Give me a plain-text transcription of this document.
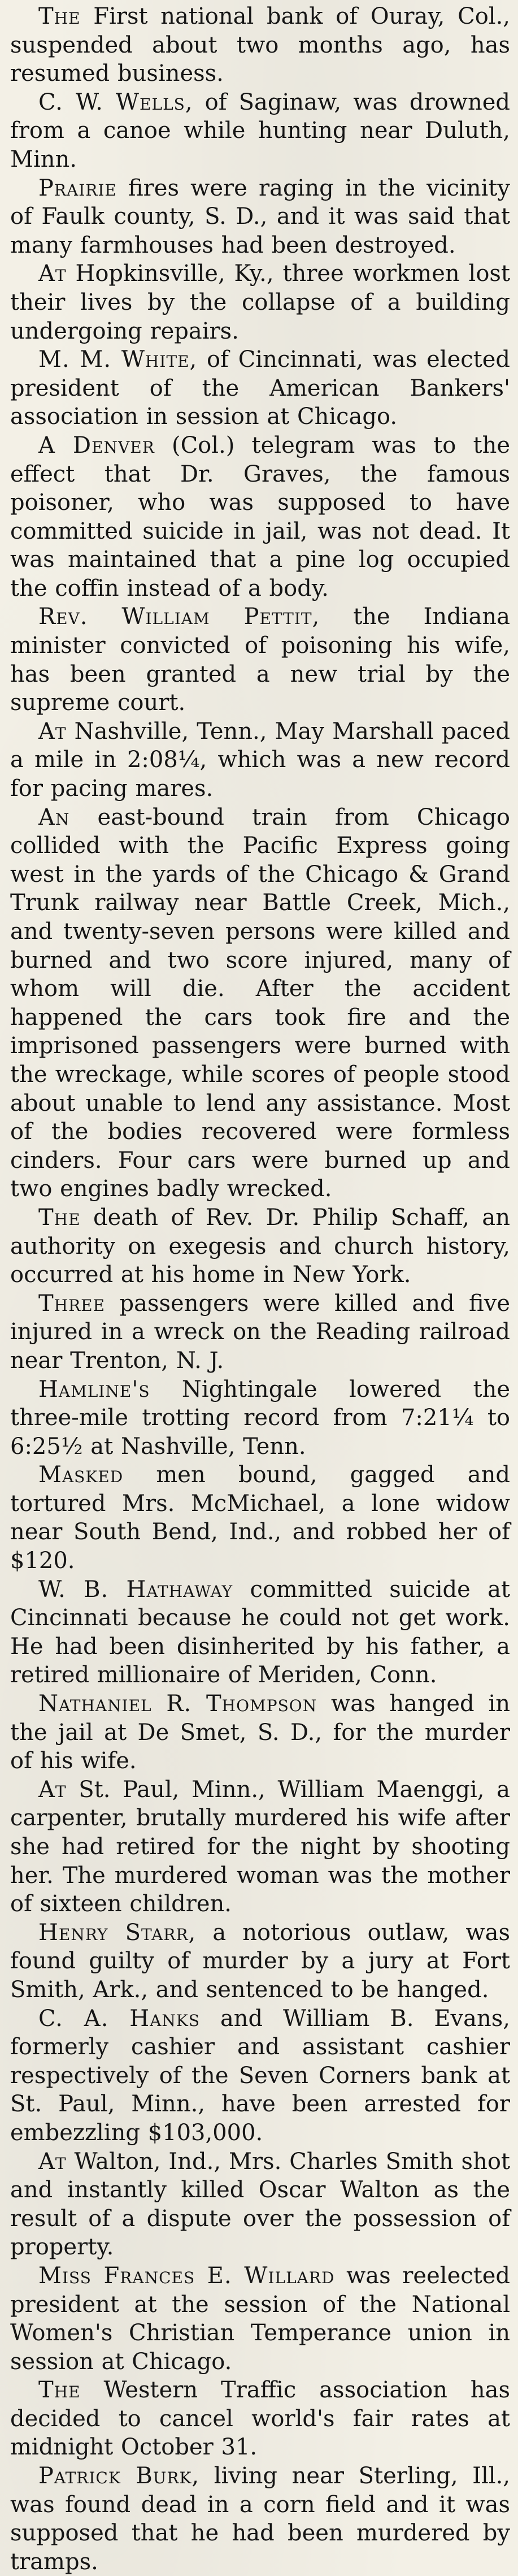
The First national bank of Ouray, Col., suspended about two months ago, has resumed business.

C. W. Wells, of Saginaw, was drowned from a canoe while hunting near Duluth, Minn.

Prairie fires were raging in the vicinity of Faulk county, S. D., and it was said that many farmhouses had been destroyed.

At Hopkinsville, Ky., three workmen lost their lives by the collapse of a building undergoing repairs.

M. M. White, of Cincinnati, was elected president of the American Bankers' association in session at Chicago.

A Denver (Col.) telegram was to the effect that Dr. Graves, the famous poisoner, who was supposed to have committed suicide in jail, was not dead. It was maintained that a pine log occupied the coffin instead of a body.

Rev. William Pettit, the Indiana minister convicted of poisoning his wife, has been granted a new trial by the supreme court.

At Nashville, Tenn., May Marshall paced a mile in 2:08¼, which was a new record for pacing mares.

An east-bound train from Chicago collided with the Pacific Express going west in the yards of the Chicago & Grand Trunk railway near Battle Creek, Mich., and twenty-seven persons were killed and burned and two score injured, many of whom will die. After the accident happened the cars took fire and the imprisoned passengers were burned with the wreckage, while scores of people stood about unable to lend any assistance. Most of the bodies recovered were formless cinders. Four cars were burned up and two engines badly wrecked.

The death of Rev. Dr. Philip Schaff, an authority on exegesis and church history, occurred at his home in New York.

Three passengers were killed and five injured in a wreck on the Reading railroad near Trenton, N. J.

Hamline's Nightingale lowered the three-mile trotting record from 7:21¼ to 6:25½ at Nashville, Tenn.

Masked men bound, gagged and tortured Mrs. McMichael, a lone widow near South Bend, Ind., and robbed her of $120.

W. B. Hathaway committed suicide at Cincinnati because he could not get work. He had been disinherited by his father, a retired millionaire of Meriden, Conn.

Nathaniel R. Thompson was hanged in the jail at De Smet, S. D., for the murder of his wife.

At St. Paul, Minn., William Maenggi, a carpenter, brutally murdered his wife after she had retired for the night by shooting her. The murdered woman was the mother of sixteen children.

Henry Starr, a notorious outlaw, was found guilty of murder by a jury at Fort Smith, Ark., and sentenced to be hanged.

C. A. Hanks and William B. Evans, formerly cashier and assistant cashier respectively of the Seven Corners bank at St. Paul, Minn., have been arrested for embezzling $103,000.

At Walton, Ind., Mrs. Charles Smith shot and instantly killed Oscar Walton as the result of a dispute over the possession of property.

Miss Frances E. Willard was reelected president at the session of the National Women's Christian Temperance union in session at Chicago.

The Western Traffic association has decided to cancel world's fair rates at midnight October 31.

Patrick Burk, living near Sterling, Ill., was found dead in a corn field and it was supposed that he had been murdered by tramps.
